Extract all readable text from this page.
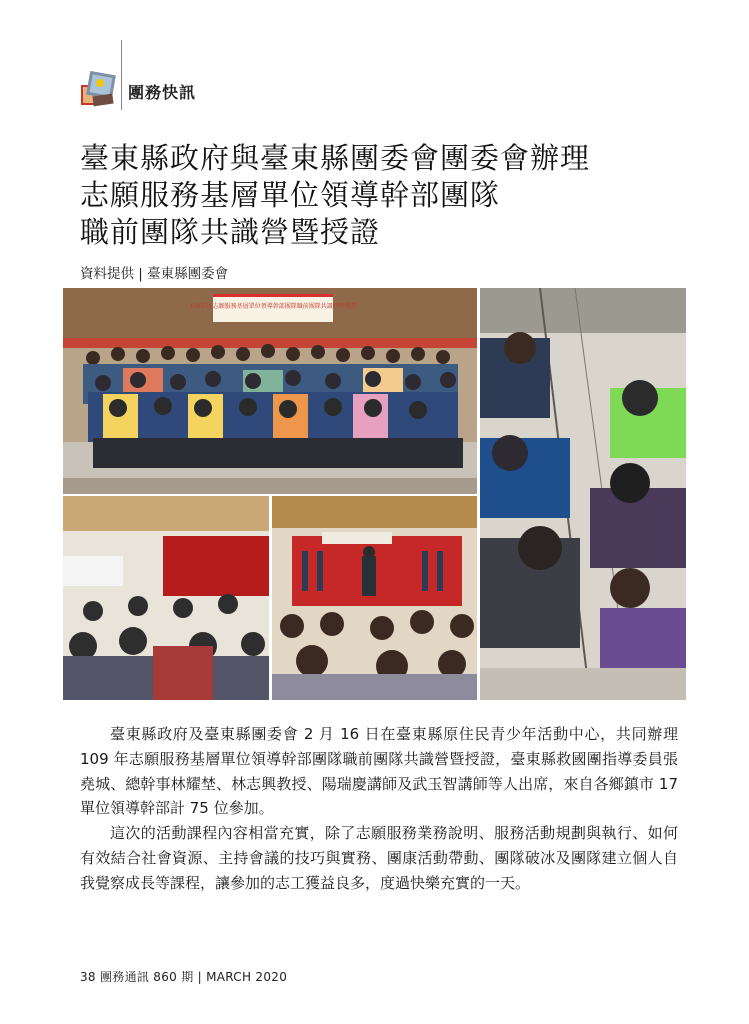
團務快訊
臺東縣政府與臺東縣團委會團委會辦理
志願服務基層單位領導幹部團隊
職前團隊共識營暨授證
資料提供 | 臺東縣團委會
109年度志願服務基層單位領導幹部團隊職前團隊共識營暨授證

臺東縣政府及臺東縣團委會 2 月 16 日在臺東縣原住民青少年活動中心，共同辦理 109 年志願服務基層單位領導幹部團隊職前團隊共識營暨授證，臺東縣救國團指導委員張堯城、總幹事林耀埜、林志興教授、陽瑞慶講師及武玉智講師等人出席，來自各鄉鎮市 17 單位領導幹部計 75 位參加。

這次的活動課程內容相當充實，除了志願服務業務說明、服務活動規劃與執行、如何有效結合社會資源、主持會議的技巧與實務、團康活動帶動、團隊破冰及團隊建立個人自我覺察成長等課程，讓參加的志工獲益良多，度過快樂充實的一天。

38 團務通訊 860 期 | MARCH 2020
